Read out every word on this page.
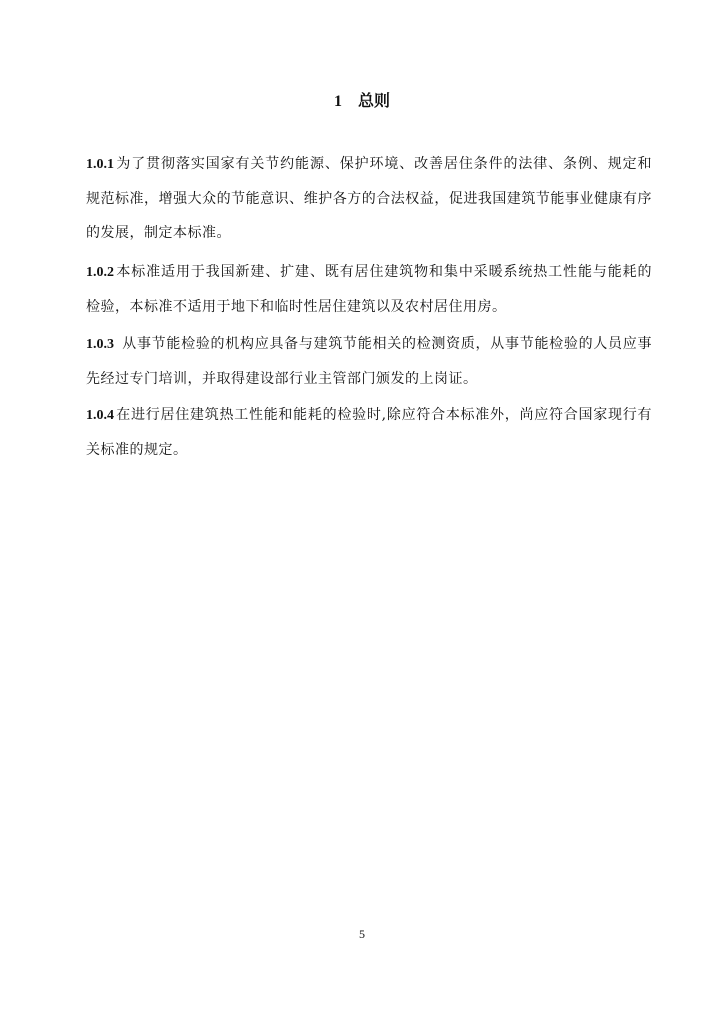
1 总则

1.0.1 为了贯彻落实国家有关节约能源、保护环境、改善居住条件的法律、条例、规定和规范标准，增强大众的节能意识、维护各方的合法权益，促进我国建筑节能事业健康有序的发展，制定本标准。

1.0.2 本标准适用于我国新建、扩建、既有居住建筑物和集中采暖系统热工性能与能耗的检验，本标准不适用于地下和临时性居住建筑以及农村居住用房。

1.0.3 从事节能检验的机构应具备与建筑节能相关的检测资质，从事节能检验的人员应事先经过专门培训，并取得建设部行业主管部门颁发的上岗证。

1.0.4 在进行居住建筑热工性能和能耗的检验时,除应符合本标准外，尚应符合国家现行有关标准的规定。

5
